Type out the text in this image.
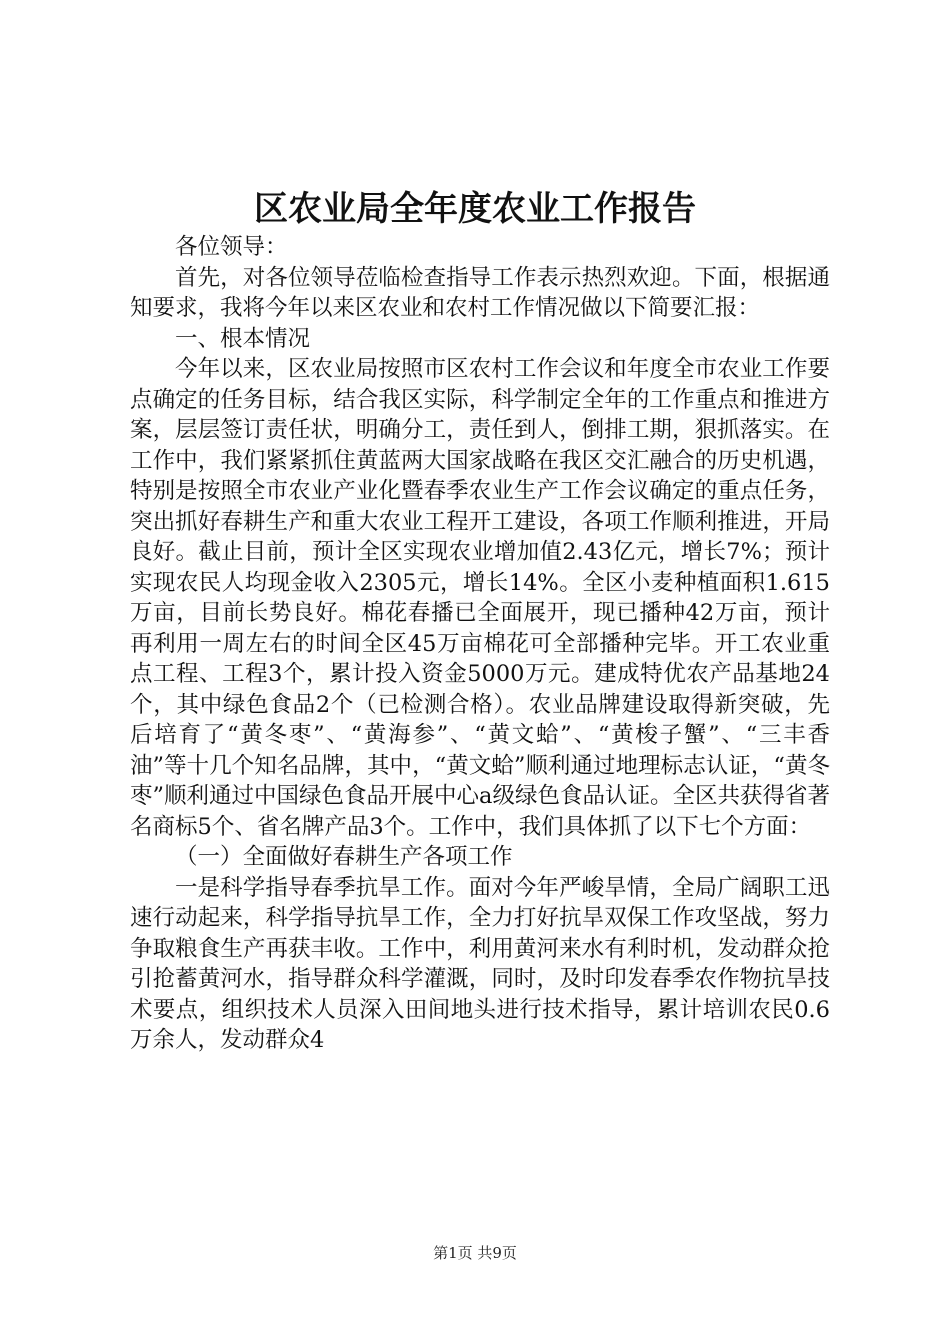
区农业局全年度农业工作报告

各位领导：

首先，对各位领导莅临检查指导工作表示热烈欢迎。下面，根据通知要求，我将今年以来区农业和农村工作情况做以下简要汇报：

一、根本情况

今年以来，区农业局按照市区农村工作会议和年度全市农业工作要点确定的任务目标，结合我区实际，科学制定全年的工作重点和推进方案，层层签订责任状，明确分工，责任到人，倒排工期，狠抓落实。在工作中，我们紧紧抓住黄蓝两大国家战略在我区交汇融合的历史机遇，特别是按照全市农业产业化暨春季农业生产工作会议确定的重点任务，突出抓好春耕生产和重大农业工程开工建设，各项工作顺利推进，开局良好。截止目前，预计全区实现农业增加值2.43亿元，增长7%；预计实现农民人均现金收入2305元，增长14%。全区小麦种植面积1.615万亩，目前长势良好。棉花春播已全面展开，现已播种42万亩，预计再利用一周左右的时间全区45万亩棉花可全部播种完毕。开工农业重点工程、工程3个，累计投入资金5000万元。建成特优农产品基地24个，其中绿色食品2个（已检测合格）。农业品牌建设取得新突破，先后培育了“黄冬枣”、“黄海参”、“黄文蛤”、“黄梭子蟹”、“三丰香油”等十几个知名品牌，其中，“黄文蛤”顺利通过地理标志认证，“黄冬枣”顺利通过中国绿色食品开展中心a级绿色食品认证。全区共获得省著名商标5个、省名牌产品3个。工作中，我们具体抓了以下七个方面：

（一）全面做好春耕生产各项工作

一是科学指导春季抗旱工作。面对今年严峻旱情，全局广阔职工迅速行动起来，科学指导抗旱工作，全力打好抗旱双保工作攻坚战，努力争取粮食生产再获丰收。工作中，利用黄河来水有利时机，发动群众抢引抢蓄黄河水，指导群众科学灌溉，同时，及时印发春季农作物抗旱技术要点，组织技术人员深入田间地头进行技术指导，累计培训农民0.6万余人，发动群众4

第1页 共9页
